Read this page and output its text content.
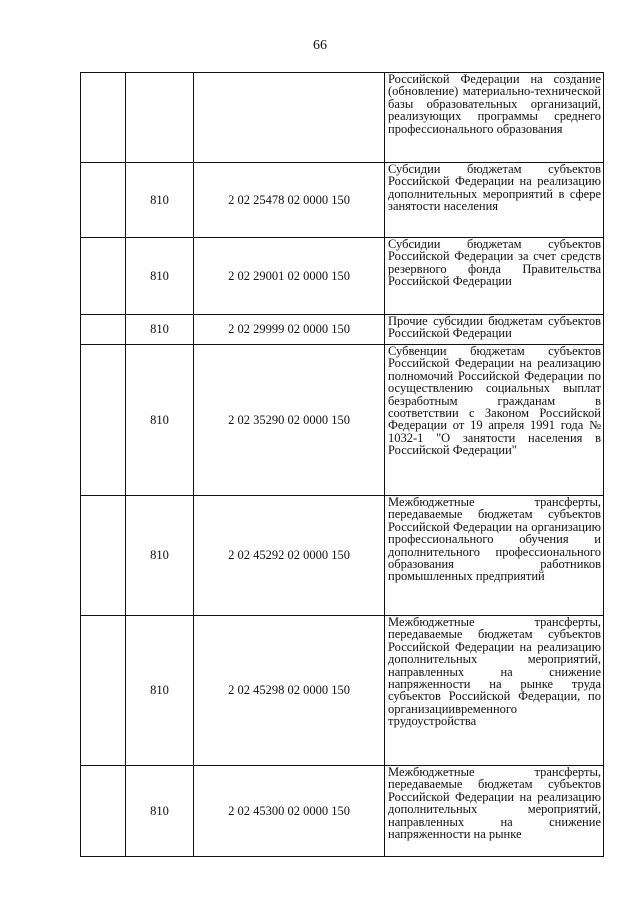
66

			Российской Федерации на создание (обновление) материально-технической базы образовательных организаций, реализующих программы среднего профессионального образования

	810	2 02 25478 02 0000 150	Субсидии бюджетам субъектов Российской Федерации на реализацию дополнительных мероприятий в сфере занятости населения

	810	2 02 29001 02 0000 150	Субсидии бюджетам субъектов Российской Федерации за счет средств резервного фонда Правительства Российской Федерации

	810	2 02 29999 02 0000 150	Прочие субсидии бюджетам субъектов Российской Федерации

	810	2 02 35290 02 0000 150	Субвенции бюджетам субъектов Российской Федерации на реализацию полномочий Российской Федерации по осуществлению социальных выплат безработным гражданам в соответствии с Законом Российской Федерации от 19 апреля 1991 года № 1032-1 "О занятости населения в Российской Федерации"

	810	2 02 45292 02 0000 150	Межбюджетные трансферты, передаваемые бюджетам субъектов Российской Федерации на организацию профессионального обучения и дополнительного профессионального образования работников промышленных предприятий

	810	2 02 45298 02 0000 150	Межбюджетные трансферты, передаваемые бюджетам субъектов Российской Федерации на реализацию дополнительных мероприятий, направленных на снижение напряженности на рынке труда субъектов Российской Федерации, по организациивременного трудоустройства

	810	2 02 45300 02 0000 150	Межбюджетные трансферты, передаваемые бюджетам субъектов Российской Федерации на реализацию дополнительных мероприятий, направленных на снижение напряженности на рынке
